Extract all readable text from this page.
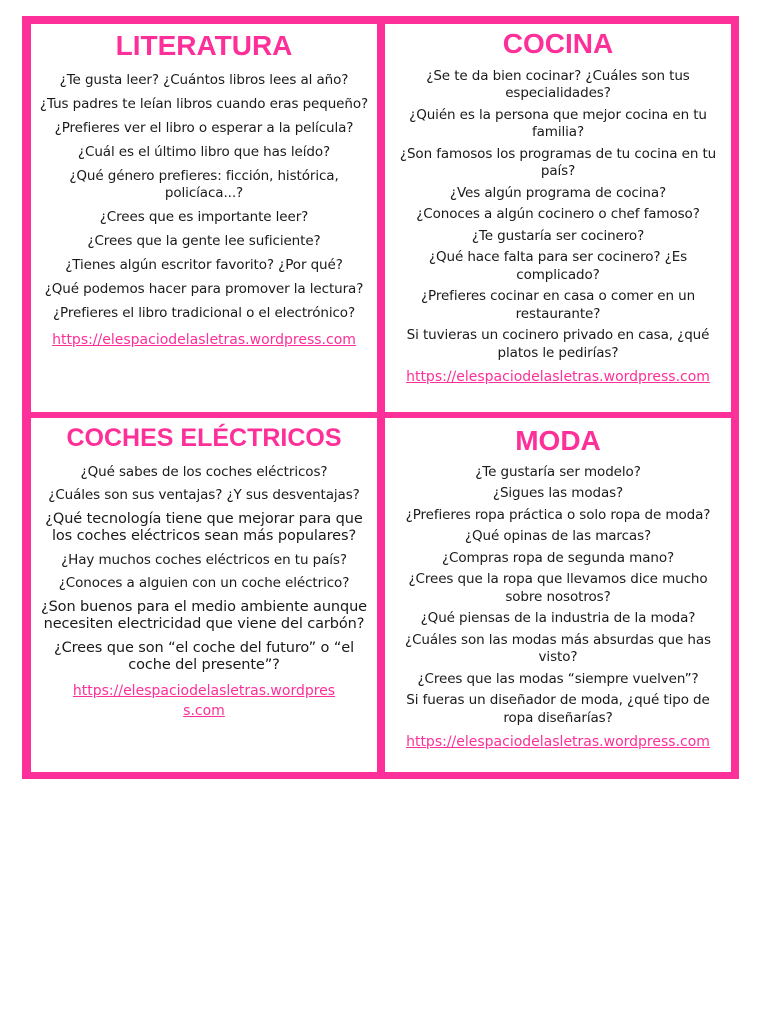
LITERATURA

¿Te gusta leer? ¿Cuántos libros lees al año?

¿Tus padres te leían libros cuando eras pequeño?

¿Prefieres ver el libro o esperar a la película?

¿Cuál es el último libro que has leído?

¿Qué género prefieres: ficción, histórica, policíaca...?

¿Crees que es importante leer?

¿Crees que la gente lee suficiente?

¿Tienes algún escritor favorito? ¿Por qué?

¿Qué podemos hacer para promover la lectura?

¿Prefieres el libro tradicional o el electrónico?

https://elespaciodelasletras.wordpress.com
COCINA

¿Se te da bien cocinar? ¿Cuáles son tus especialidades?

¿Quién es la persona que mejor cocina en tu familia?

¿Son famosos los programas de tu cocina en tu país?

¿Ves algún programa de cocina?

¿Conoces a algún cocinero o chef famoso?

¿Te gustaría ser cocinero?

¿Qué hace falta para ser cocinero? ¿Es complicado?

¿Prefieres cocinar en casa o comer en un restaurante?

Si tuvieras un cocinero privado en casa, ¿qué platos le pedirías?

https://elespaciodelasletras.wordpress.com
COCHES ELÉCTRICOS

¿Qué sabes de los coches eléctricos?

¿Cuáles son sus ventajas? ¿Y sus desventajas?

¿Qué tecnología tiene que mejorar para que los coches eléctricos sean más populares?

¿Hay muchos coches eléctricos en tu país?

¿Conoces a alguien con un coche eléctrico?

¿Son buenos para el medio ambiente aunque necesiten electricidad que viene del carbón?

¿Crees que son “el coche del futuro” o “el coche del presente”?

https://elespaciodelasletras.wordpress.com
MODA

¿Te gustaría ser modelo?

¿Sigues las modas?

¿Prefieres ropa práctica o solo ropa de moda?

¿Qué opinas de las marcas?

¿Compras ropa de segunda mano?

¿Crees que la ropa que llevamos dice mucho sobre nosotros?

¿Qué piensas de la industria de la moda?

¿Cuáles son las modas más absurdas que has visto?

¿Crees que las modas “siempre vuelven”?

Si fueras un diseñador de moda, ¿qué tipo de ropa diseñarías?

https://elespaciodelasletras.wordpress.com
